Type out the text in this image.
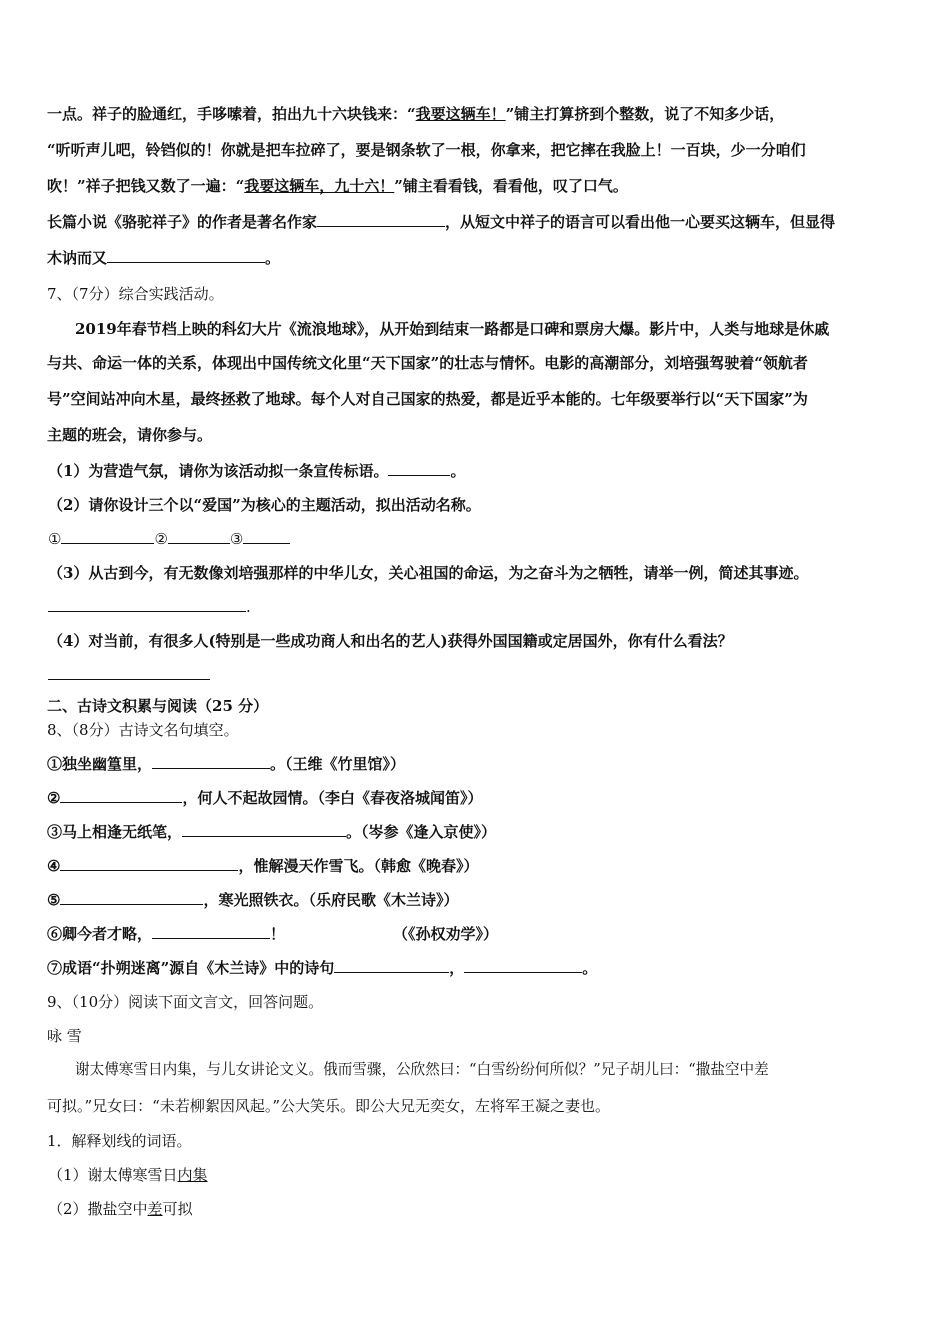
一点。祥子的脸通红，手哆嗦着，拍出九十六块钱来：“我要这辆车！”铺主打算挤到个整数，说了不知多少话，
“听听声儿吧，铃铛似的！你就是把车拉碎了，要是钢条软了一根，你拿来，把它摔在我脸上！一百块，少一分咱们
吹！”祥子把钱又数了一遍：“我要这辆车，九十六！”铺主看看钱，看看他，叹了口气。
长篇小说《骆驼祥子》的作者是著名作家	，从短文中祥子的语言可以看出他一心要买这辆车，但显得
木讷而又	。
7、（7分）综合实践活动。
2019年春节档上映的科幻大片《流浪地球》，从开始到结束一路都是口碑和票房大爆。影片中，人类与地球是休戚
与共、命运一体的关系，体现出中国传统文化里“天下国家”的壮志与情怀。电影的高潮部分，刘培强驾驶着“领航者
号”空间站冲向木星，最终拯救了地球。每个人对自己国家的热爱，都是近乎本能的。七年级要举行以“天下国家”为
主题的班会，请你参与。
（1）为营造气氛，请你为该活动拟一条宣传标语。	。
（2）请你设计三个以“爱国”为核心的主题活动，拟出活动名称。
①	②	③
（3）从古到今，有无数像刘培强那样的中华儿女，关心祖国的命运，为之奋斗为之牺牲，请举一例，简述其事迹。
.
（4）对当前，有很多人(特别是一些成功商人和出名的艺人)获得外国国籍或定居国外，你有什么看法？
二、古诗文积累与阅读（25 分）
8、（8分）古诗文名句填空。
①独坐幽篁里，	。（王维《竹里馆》）
②	，何人不起故园情。（李白《春夜洛城闻笛》）
③马上相逢无纸笔，	。（岑参《逢入京使》）
④	，惟解漫天作雪飞。（韩愈《晚春》）
⑤	，寒光照铁衣。（乐府民歌《木兰诗》）
⑥卿今者才略，	！	（《孙权劝学》）
⑦成语“扑朔迷离”源自《木兰诗》中的诗句	，	。
9、（10分）阅读下面文言文，回答问题。
咏 雪
谢太傅寒雪日内集，与儿女讲论文义。俄而雪骤，公欣然曰：“白雪纷纷何所似？”兄子胡儿曰：“撒盐空中差
可拟。”兄女曰：“未若柳絮因风起。”公大笑乐。即公大兄无奕女，左将军王凝之妻也。
1．解释划线的词语。
（1）谢太傅寒雪日内集
（2）撒盐空中差可拟
